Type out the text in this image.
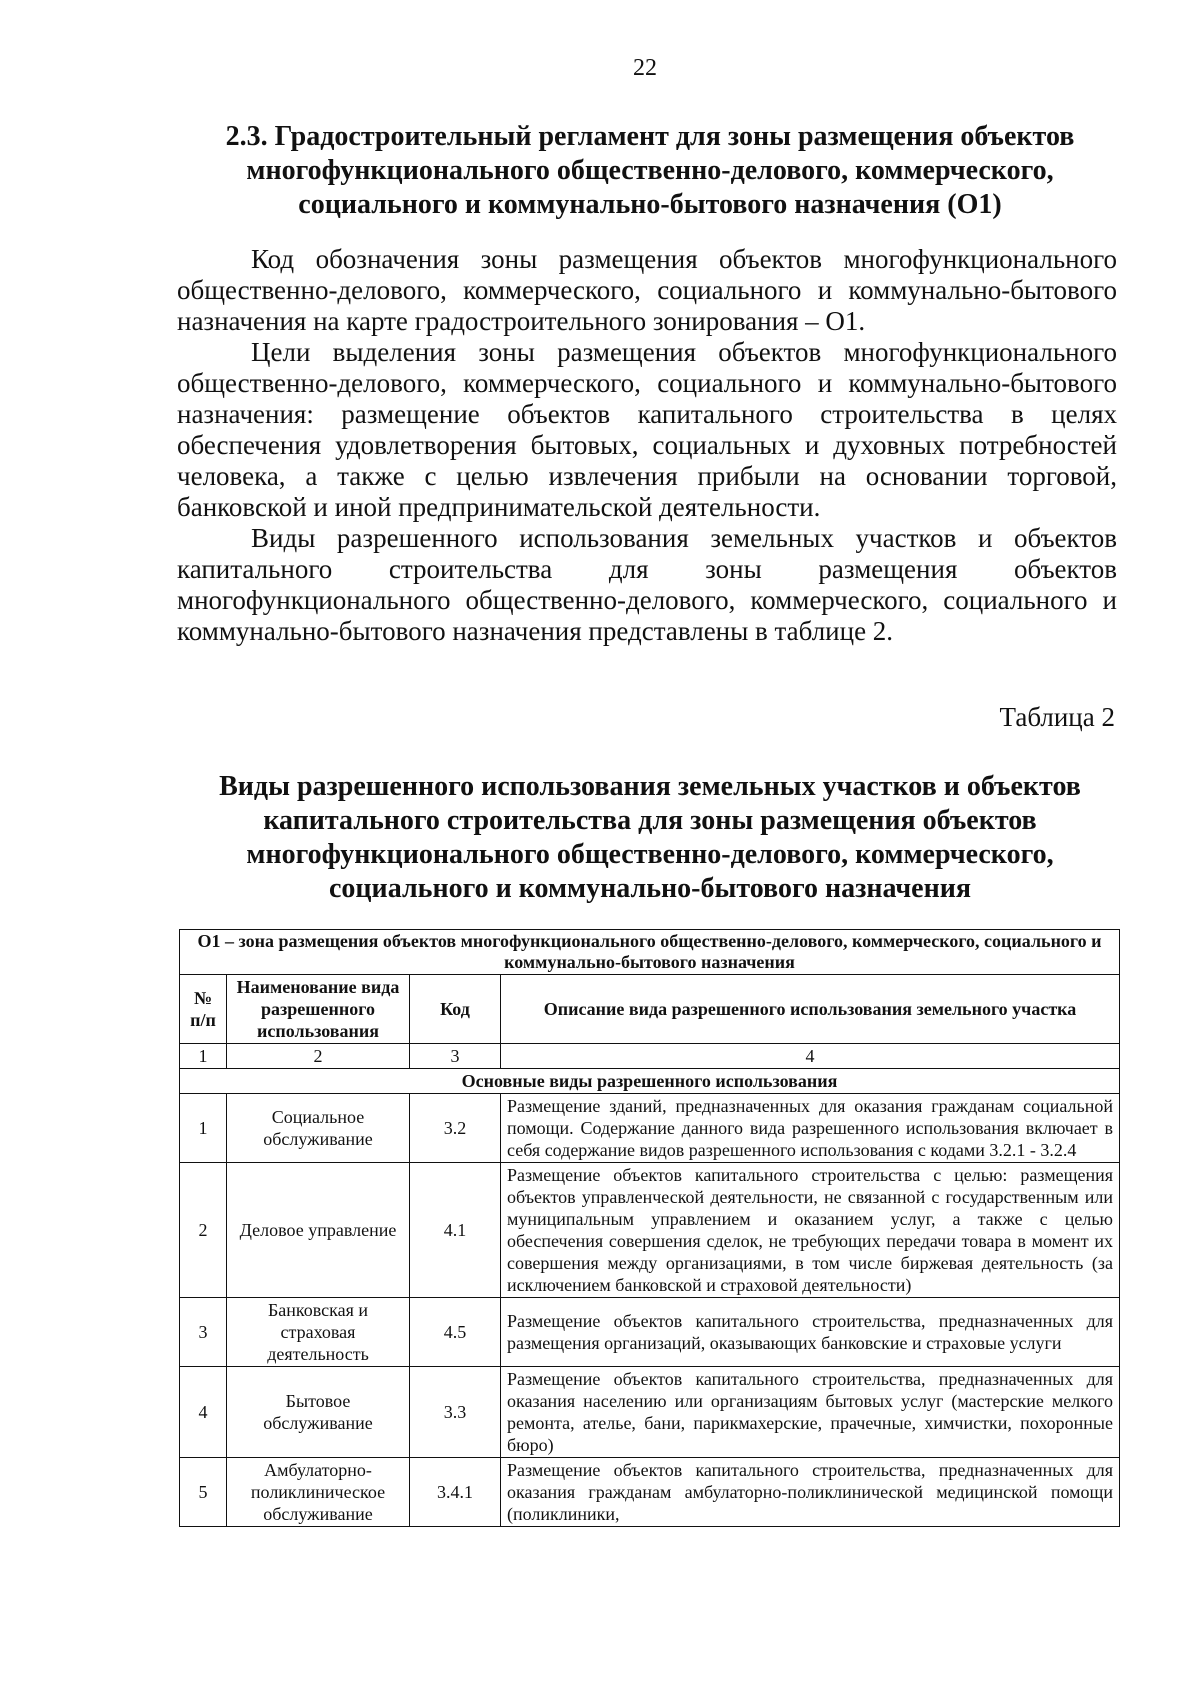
22
2.3. Градостроительный регламент для зоны размещения объектов многофункционального общественно-делового, коммерческого, социального и коммунально-бытового назначения (О1)

Код обозначения зоны размещения объектов многофункционального общественно-делового, коммерческого, социального и коммунально-бытового назначения на карте градостроительного зонирования – О1.

Цели выделения зоны размещения объектов многофункционального общественно-делового, коммерческого, социального и коммунально-бытового назначения: размещение объектов капитального строительства в целях обеспечения удовлетворения бытовых, социальных и духовных потребностей человека, а также с целью извлечения прибыли на основании торговой, банковской и иной предпринимательской деятельности.

Виды разрешенного использования земельных участков и объектов капитального строительства для зоны размещения объектов многофункционального общественно-делового, коммерческого, социального и коммунально-бытового назначения представлены в таблице 2.

Таблица 2
Виды разрешенного использования земельных участков и объектов капитального строительства для зоны размещения объектов многофункционального общественно-делового, коммерческого, социального и коммунально-бытового назначения
О1 – зона размещения объектов многофункционального общественно-делового, коммерческого, социального и коммунально-бытового назначения			
№ п/п	Наименование вида разрешенного использования	Код	Описание вида разрешенного использования земельного участка
1	2	3	4
Основные виды разрешенного использования			
1	Социальное обслуживание	3.2	Размещение зданий, предназначенных для оказания гражданам социальной помощи. Содержание данного вида разрешенного использования включает в себя содержание видов разрешенного использования с кодами 3.2.1 - 3.2.4
2	Деловое управление	4.1	Размещение объектов капитального строительства с целью: размещения объектов управленческой деятельности, не связанной с государственным или муниципальным управлением и оказанием услуг, а также с целью обеспечения совершения сделок, не требующих передачи товара в момент их совершения между организациями, в том числе биржевая деятельность (за исключением банковской и страховой деятельности)
3	Банковская и страховая деятельность	4.5	Размещение объектов капитального строительства, предназначенных для размещения организаций, оказывающих банковские и страховые услуги
4	Бытовое обслуживание	3.3	Размещение объектов капитального строительства, предназначенных для оказания населению или организациям бытовых услуг (мастерские мелкого ремонта, ателье, бани, парикмахерские, прачечные, химчистки, похоронные бюро)
5	Амбулаторно-поликлиническое обслуживание	3.4.1	Размещение объектов капитального строительства, предназначенных для оказания гражданам амбулаторно-поликлинической медицинской помощи (поликлиники,
